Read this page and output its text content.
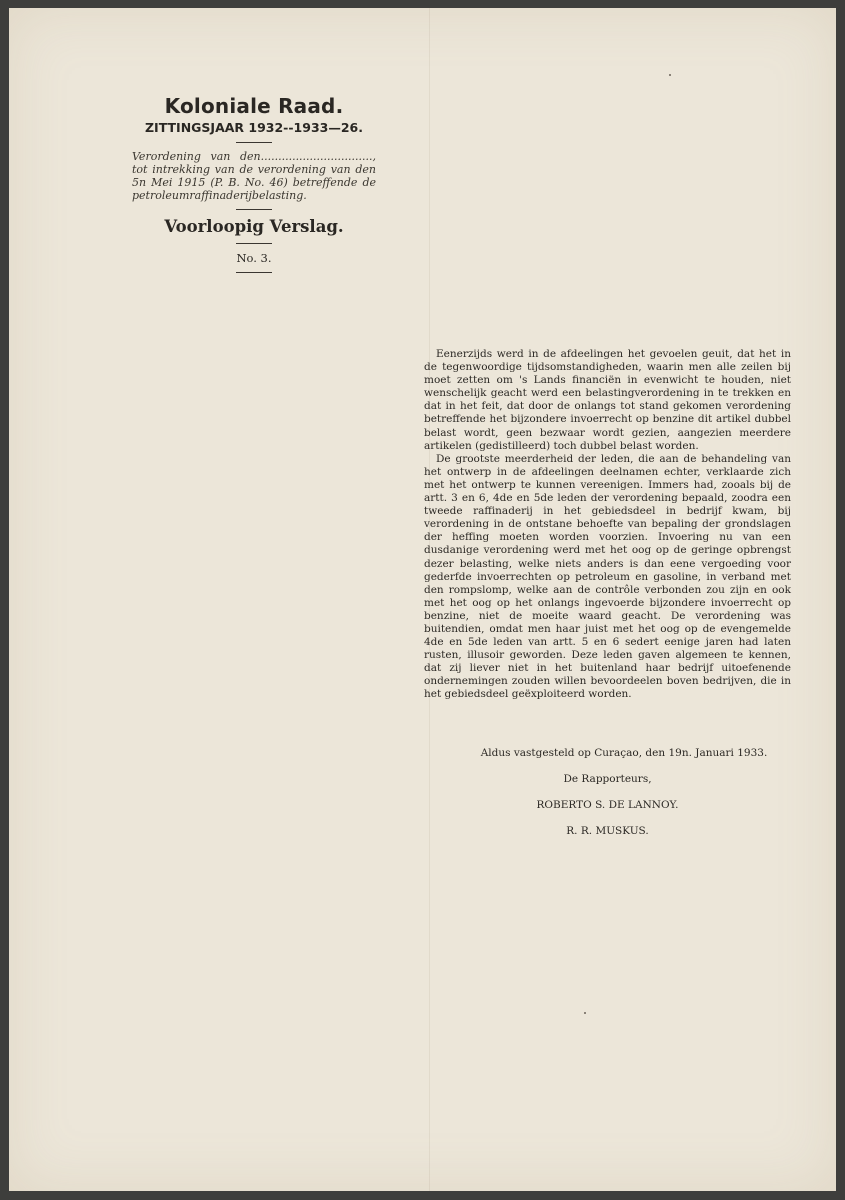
Koloniale Raad.
ZITTINGSJAAR 1932--1933—26.
Verordening van den................................, tot intrekking van de verordening van den 5n Mei 1915 (P. B. No. 46) betreffende de petroleumraffinaderijbelasting.
Voorloopig Verslag.
No. 3.

Eenerzijds werd in de afdeelingen het gevoelen geuit, dat het in de tegenwoordige tijdsomstandigheden, waarin men alle zeilen bij moet zetten om 's Lands financiën in evenwicht te houden, niet wenschelijk geacht werd een belastingverordening in te trekken en dat in het feit, dat door de onlangs tot stand gekomen verordening betreffende het bijzondere invoerrecht op benzine dit artikel dubbel belast wordt, geen bezwaar wordt gezien, aangezien meerdere artikelen (gedistilleerd) toch dubbel belast worden.

De grootste meerderheid der leden, die aan de behandeling van het ontwerp in de afdeelingen deelnamen echter, verklaarde zich met het ontwerp te kunnen vereenigen. Immers had, zooals bij de artt. 3 en 6, 4de en 5de leden der verordening bepaald, zoodra een tweede raffinaderij in het gebiedsdeel in bedrijf kwam, bij verordening in de ontstane behoefte van bepaling der grondslagen der heffing moeten worden voorzien. Invoering nu van een dusdanige verordening werd met het oog op de geringe opbrengst dezer belasting, welke niets anders is dan eene vergoeding voor gederfde invoerrechten op petroleum en gasoline, in verband met den rompslomp, welke aan de contrôle verbonden zou zijn en ook met het oog op het onlangs ingevoerde bijzondere invoerrecht op benzine, niet de moeite waard geacht. De verordening was buitendien, omdat men haar juist met het oog op de evengemelde 4de en 5de leden van artt. 5 en 6 sedert eenige jaren had laten rusten, illusoir geworden. Deze leden gaven algemeen te kennen, dat zij liever niet in het buitenland haar bedrijf uitoefenende ondernemingen zouden willen bevoordeelen boven bedrijven, die in het gebiedsdeel geëxploiteerd worden.

Aldus vastgesteld op Curaçao, den 19n. Januari 1933.
De Rapporteurs,
ROBERTO S. DE LANNOY.
R. R. MUSKUS.
